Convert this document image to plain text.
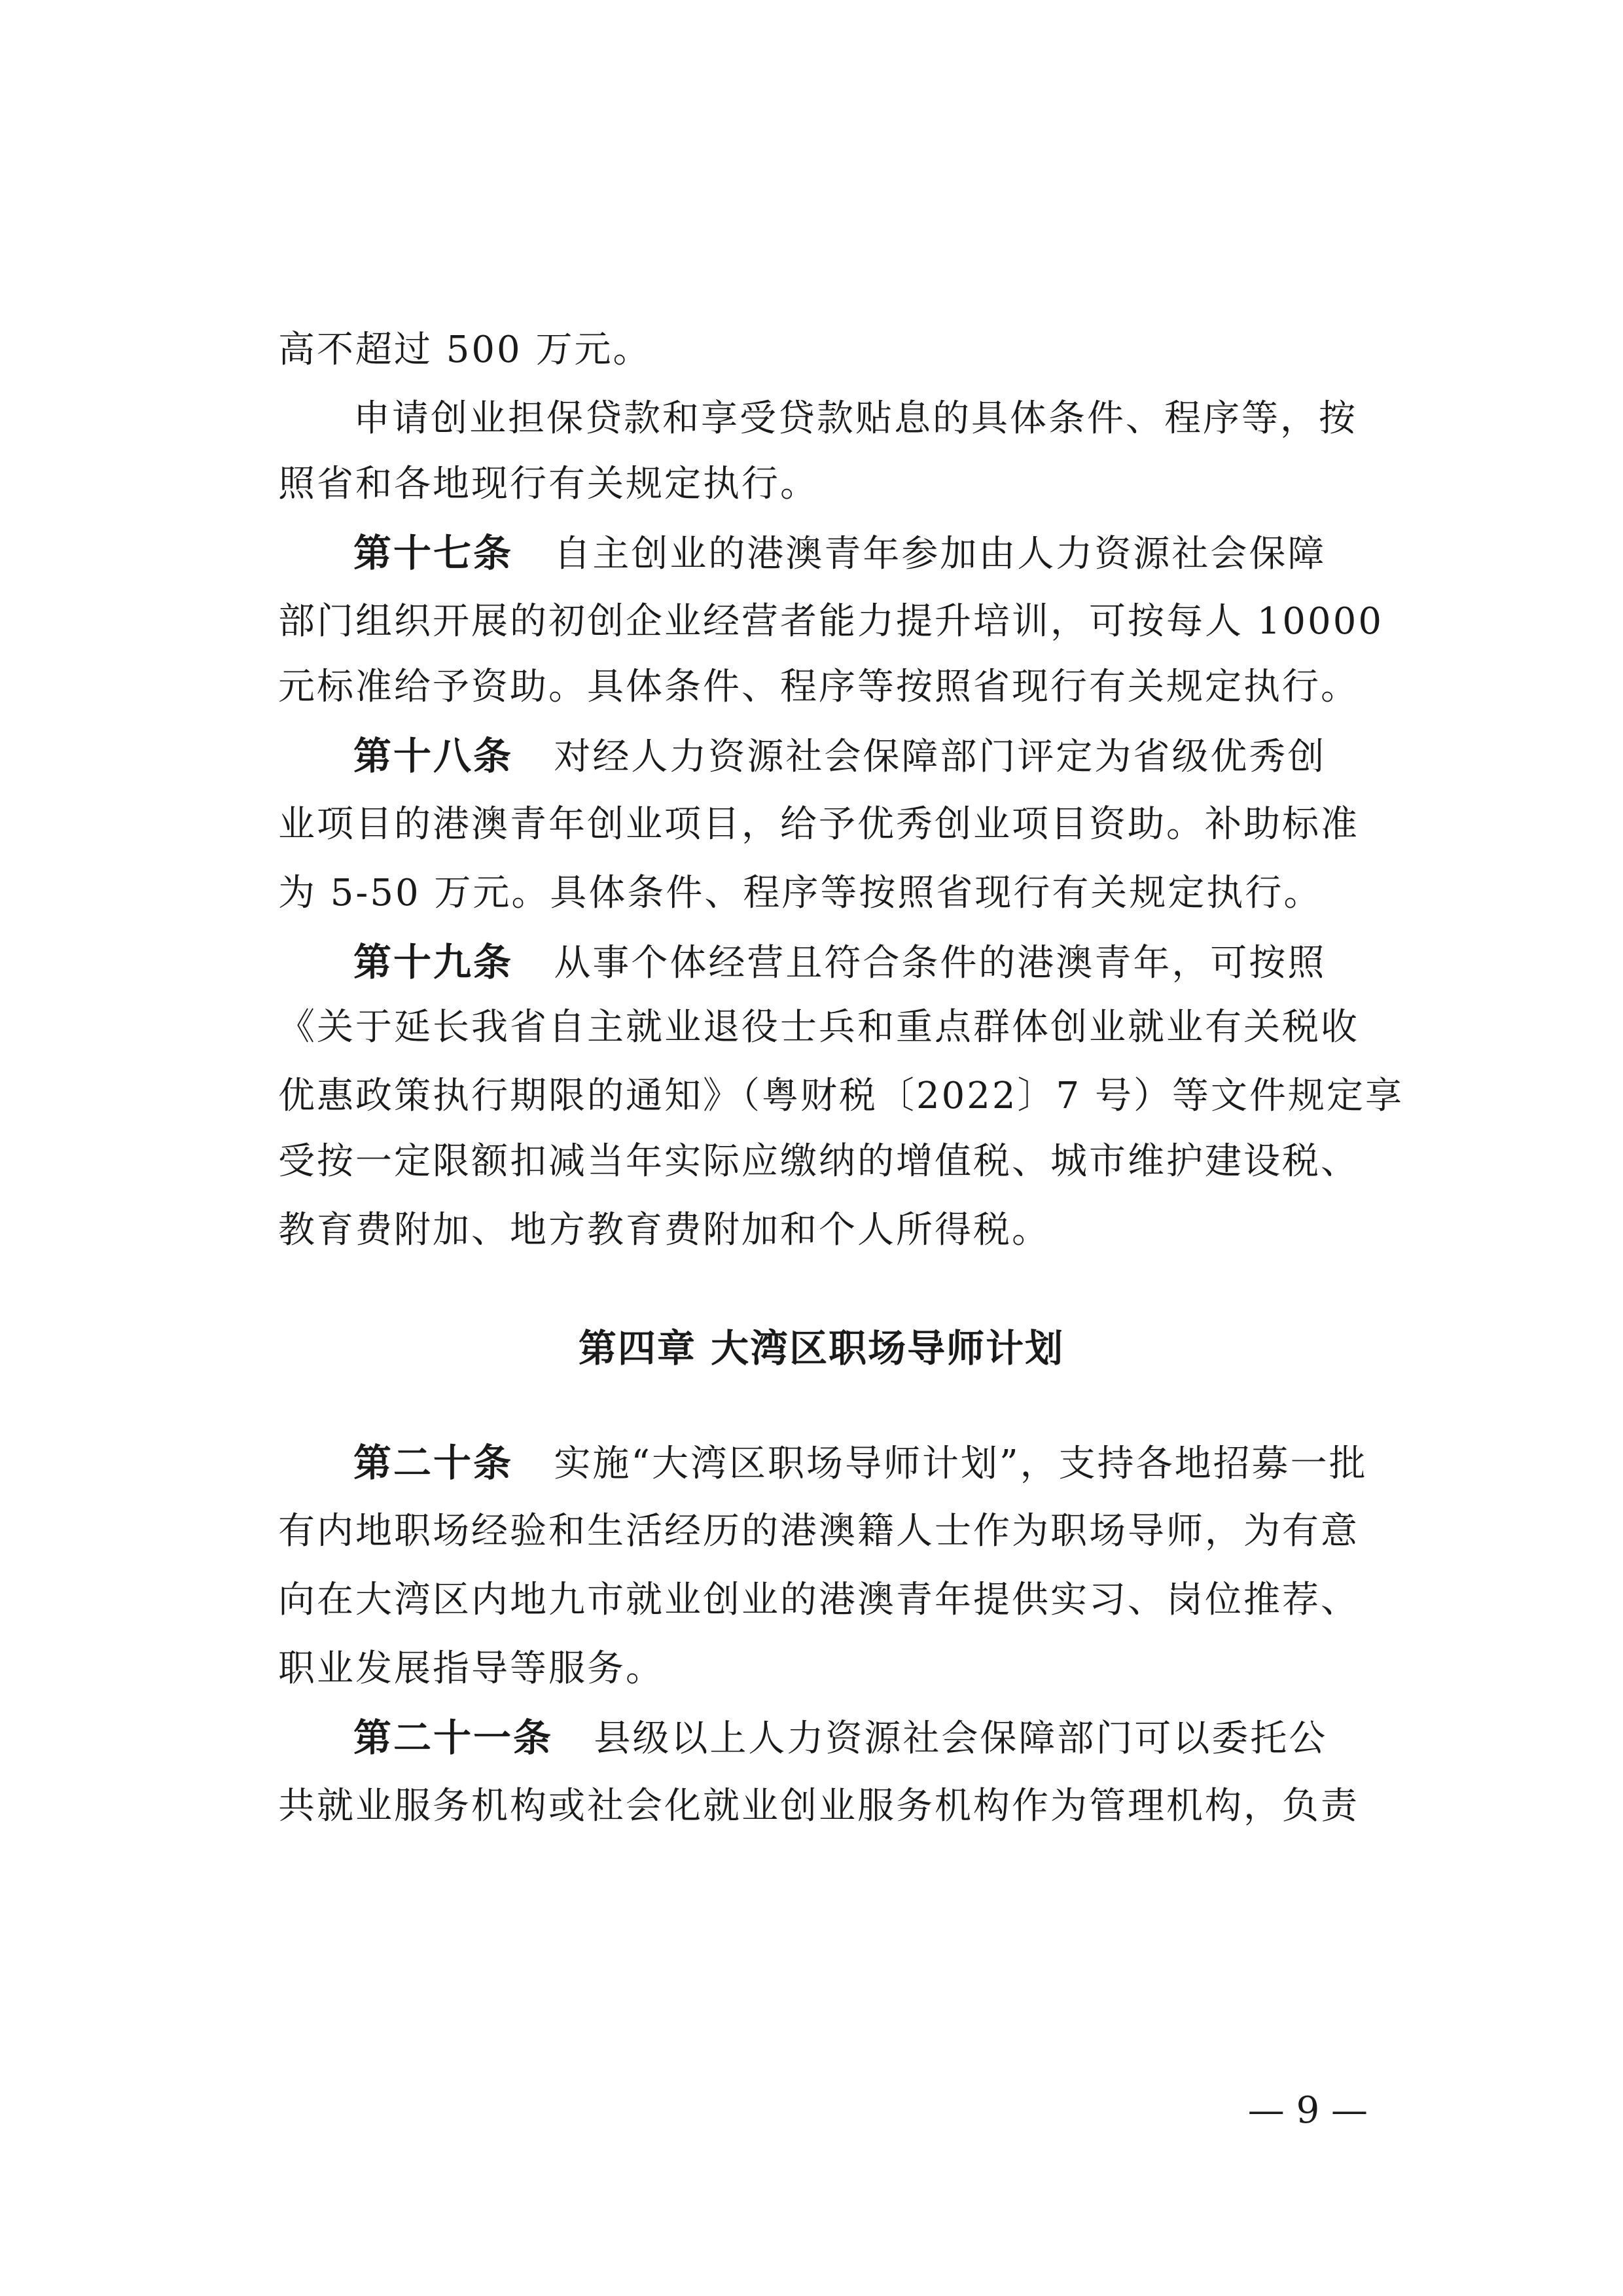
高不超过 500 万元。
申请创业担保贷款和享受贷款贴息的具体条件、程序等，按
照省和各地现行有关规定执行。
第十七条 自主创业的港澳青年参加由人力资源社会保障
部门组织开展的初创企业经营者能力提升培训，可按每人 10000
元标准给予资助。具体条件、程序等按照省现行有关规定执行。
第十八条 对经人力资源社会保障部门评定为省级优秀创
业项目的港澳青年创业项目，给予优秀创业项目资助。补助标准
为 5-50 万元。具体条件、程序等按照省现行有关规定执行。
第十九条 从事个体经营且符合条件的港澳青年，可按照
《关于延长我省自主就业退役士兵和重点群体创业就业有关税收
优惠政策执行期限的通知》（粤财税〔2022〕7 号）等文件规定享
受按一定限额扣减当年实际应缴纳的增值税、城市维护建设税、
教育费附加、地方教育费附加和个人所得税。
第四章 大湾区职场导师计划
第二十条 实施“大湾区职场导师计划”，支持各地招募一批
有内地职场经验和生活经历的港澳籍人士作为职场导师，为有意
向在大湾区内地九市就业创业的港澳青年提供实习、岗位推荐、
职业发展指导等服务。
第二十一条 县级以上人力资源社会保障部门可以委托公
共就业服务机构或社会化就业创业服务机构作为管理机构，负责
— 9 —
